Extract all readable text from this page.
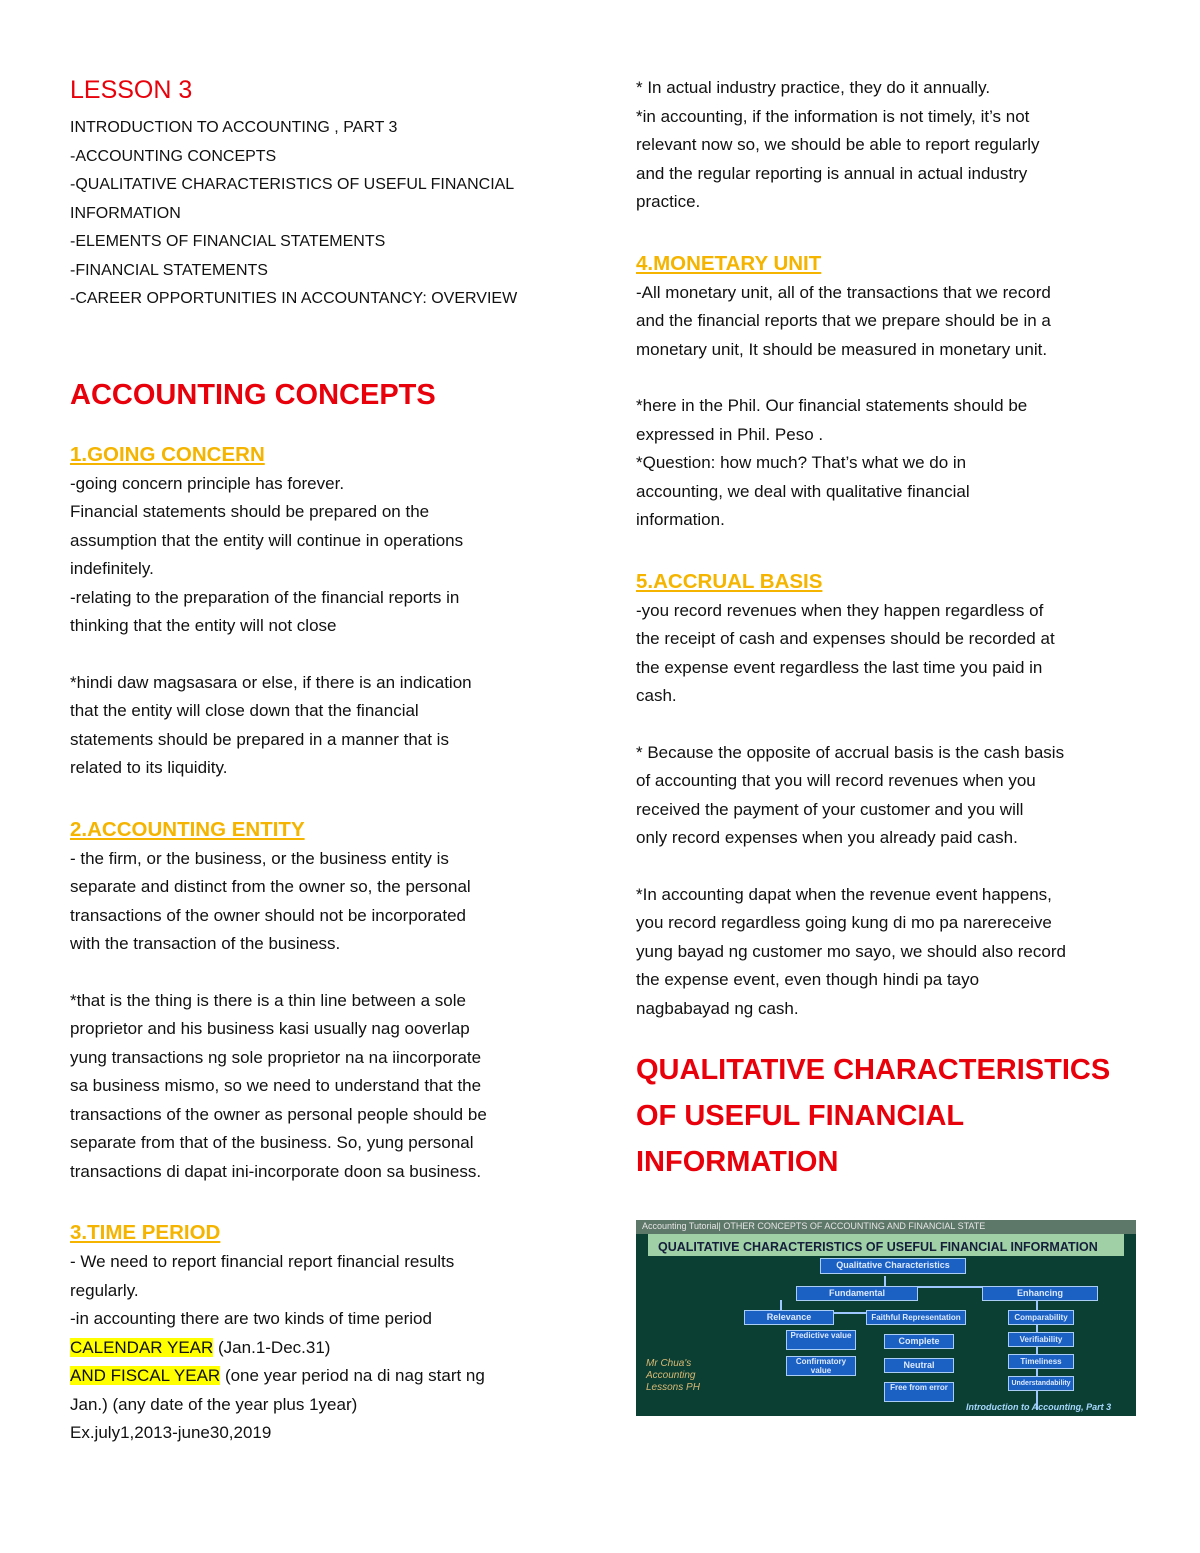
LESSON 3

INTRODUCTION TO ACCOUNTING , PART 3

-ACCOUNTING CONCEPTS

-QUALITATIVE CHARACTERISTICS OF USEFUL FINANCIAL

INFORMATION

-ELEMENTS OF FINANCIAL STATEMENTS

-FINANCIAL STATEMENTS

-CAREER OPPORTUNITIES IN ACCOUNTANCY: OVERVIEW

ACCOUNTING CONCEPTS

1.GOING CONCERN

-going concern principle has forever.

Financial statements should be prepared on the

assumption that the entity will continue in operations

indefinitely.

-relating to the preparation of the financial reports in

thinking that the entity will not close

*hindi daw magsasara or else, if there is an indication

that the entity will close down that the financial

statements should be prepared in a manner that is

related to its liquidity.

2.ACCOUNTING ENTITY

- the firm, or the business, or the business entity is

separate and distinct from the owner so, the personal

transactions of the owner should not be incorporated

with the transaction of the business.

*that is the thing is there is a thin line between a sole

proprietor and his business kasi usually nag ooverlap

yung transactions ng sole proprietor na na iincorporate

sa business mismo, so we need to understand that the

transactions of the owner as personal people should be

separate from that of the business. So, yung personal

transactions di dapat ini-incorporate doon sa business.

3.TIME PERIOD

- We need to report financial report financial results

regularly.

-in accounting there are two kinds of time period

CALENDAR YEAR (Jan.1-Dec.31)

AND FISCAL YEAR (one year period na di nag start ng

Jan.) (any date of the year plus 1year)

Ex.july1,2013-june30,2019

* In actual industry practice, they do it annually.

*in accounting, if the information is not timely, it’s not

relevant now so, we should be able to report regularly

and the regular reporting is annual in actual industry

practice.

4.MONETARY UNIT

-All monetary unit, all of the transactions that we record

and the financial reports that we prepare should be in a

monetary unit, It should be measured in monetary unit.

*here in the Phil. Our financial statements should be

expressed in Phil. Peso .

*Question: how much? That’s what we do in

accounting, we deal with qualitative financial

information.

5.ACCRUAL BASIS

-you record revenues when they happen regardless of

the receipt of cash and expenses should be recorded at

the expense event regardless the last time you paid in

cash.

* Because the opposite of accrual basis is the cash basis

of accounting that you will record revenues when you

received the payment of your customer and you will

only record expenses when you already paid cash.

*In accounting dapat when the revenue event happens,

you record regardless going kung di mo pa narereceive

yung bayad ng customer mo sayo, we should also record

the expense event, even though hindi pa tayo

nagbabayad ng cash.

QUALITATIVE CHARACTERISTICS

OF USEFUL FINANCIAL

INFORMATION

Accounting Tutorial| OTHER CONCEPTS OF ACCOUNTING AND FINANCIAL STATE
QUALITATIVE CHARACTERISTICS OF USEFUL FINANCIAL INFORMATION
Qualitative Characteristics
Fundamental	Enhancing
Relevance	Faithful Representation
Predictive value
Confirmatory value
Complete
Neutral
Free from error
Comparability
Verifiability
Timeliness
Understandability
Mr Chua's Accounting Lessons PH
Introduction to Accounting, Part 3
